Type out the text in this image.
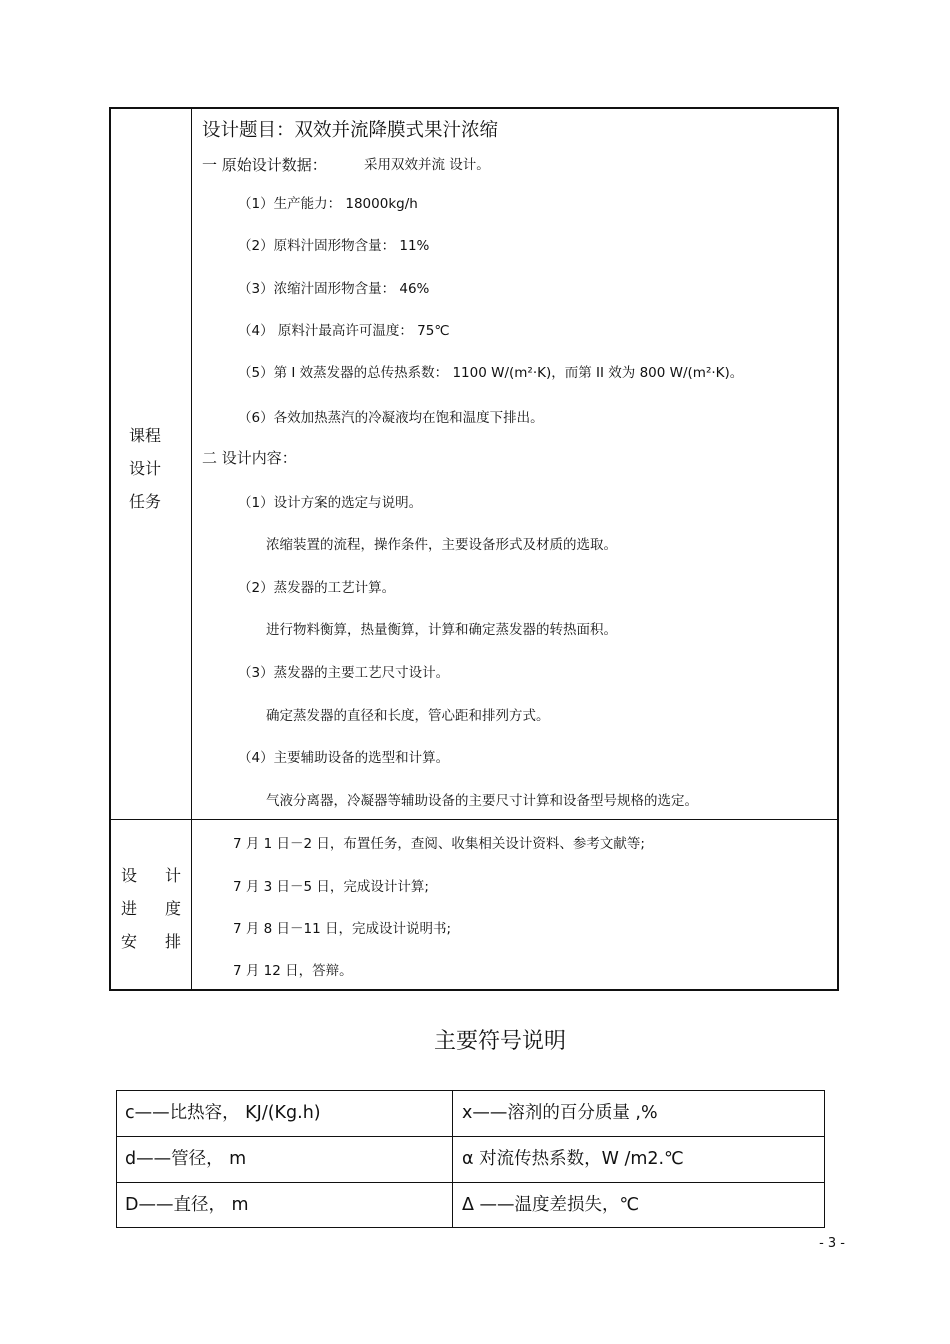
课程
设计
任务
设计题目：双效并流降膜式果汁浓缩
一 原始设计数据：	采用双效并流 设计。
（1）生产能力： 18000kg/h
（2）原料汁固形物含量： 11%
（3）浓缩汁固形物含量： 46%
（4） 原料汁最高许可温度： 75℃
（5）第 I 效蒸发器的总传热系数： 1100 W/(m²·K)，而第 II 效为 800 W/(m²·K)。
（6）各效加热蒸汽的冷凝液均在饱和温度下排出。
二 设计内容：
（1）设计方案的选定与说明。
浓缩装置的流程，操作条件，主要设备形式及材质的选取。
（2）蒸发器的工艺计算。
进行物料衡算，热量衡算，计算和确定蒸发器的转热面积。
（3）蒸发器的主要工艺尺寸设计。
确定蒸发器的直径和长度，管心距和排列方式。
（4）主要辅助设备的选型和计算。
气液分离器，冷凝器等辅助设备的主要尺寸计算和设备型号规格的选定。
设 计
进 度
安 排
7 月 1 日－2 日，布置任务，查阅、收集相关设计资料、参考文献等;
7 月 3 日－5 日，完成设计计算;
7 月 8 日－11 日，完成设计说明书;
7 月 12 日，答辩。
主要符号说明
c——比热容， KJ/(Kg.h)	x——溶剂的百分质量 ,%
d——管径， m	α 对流传热系数，W /m2.℃
D——直径， m	Δ ——温度差损失，℃
- 3 -
